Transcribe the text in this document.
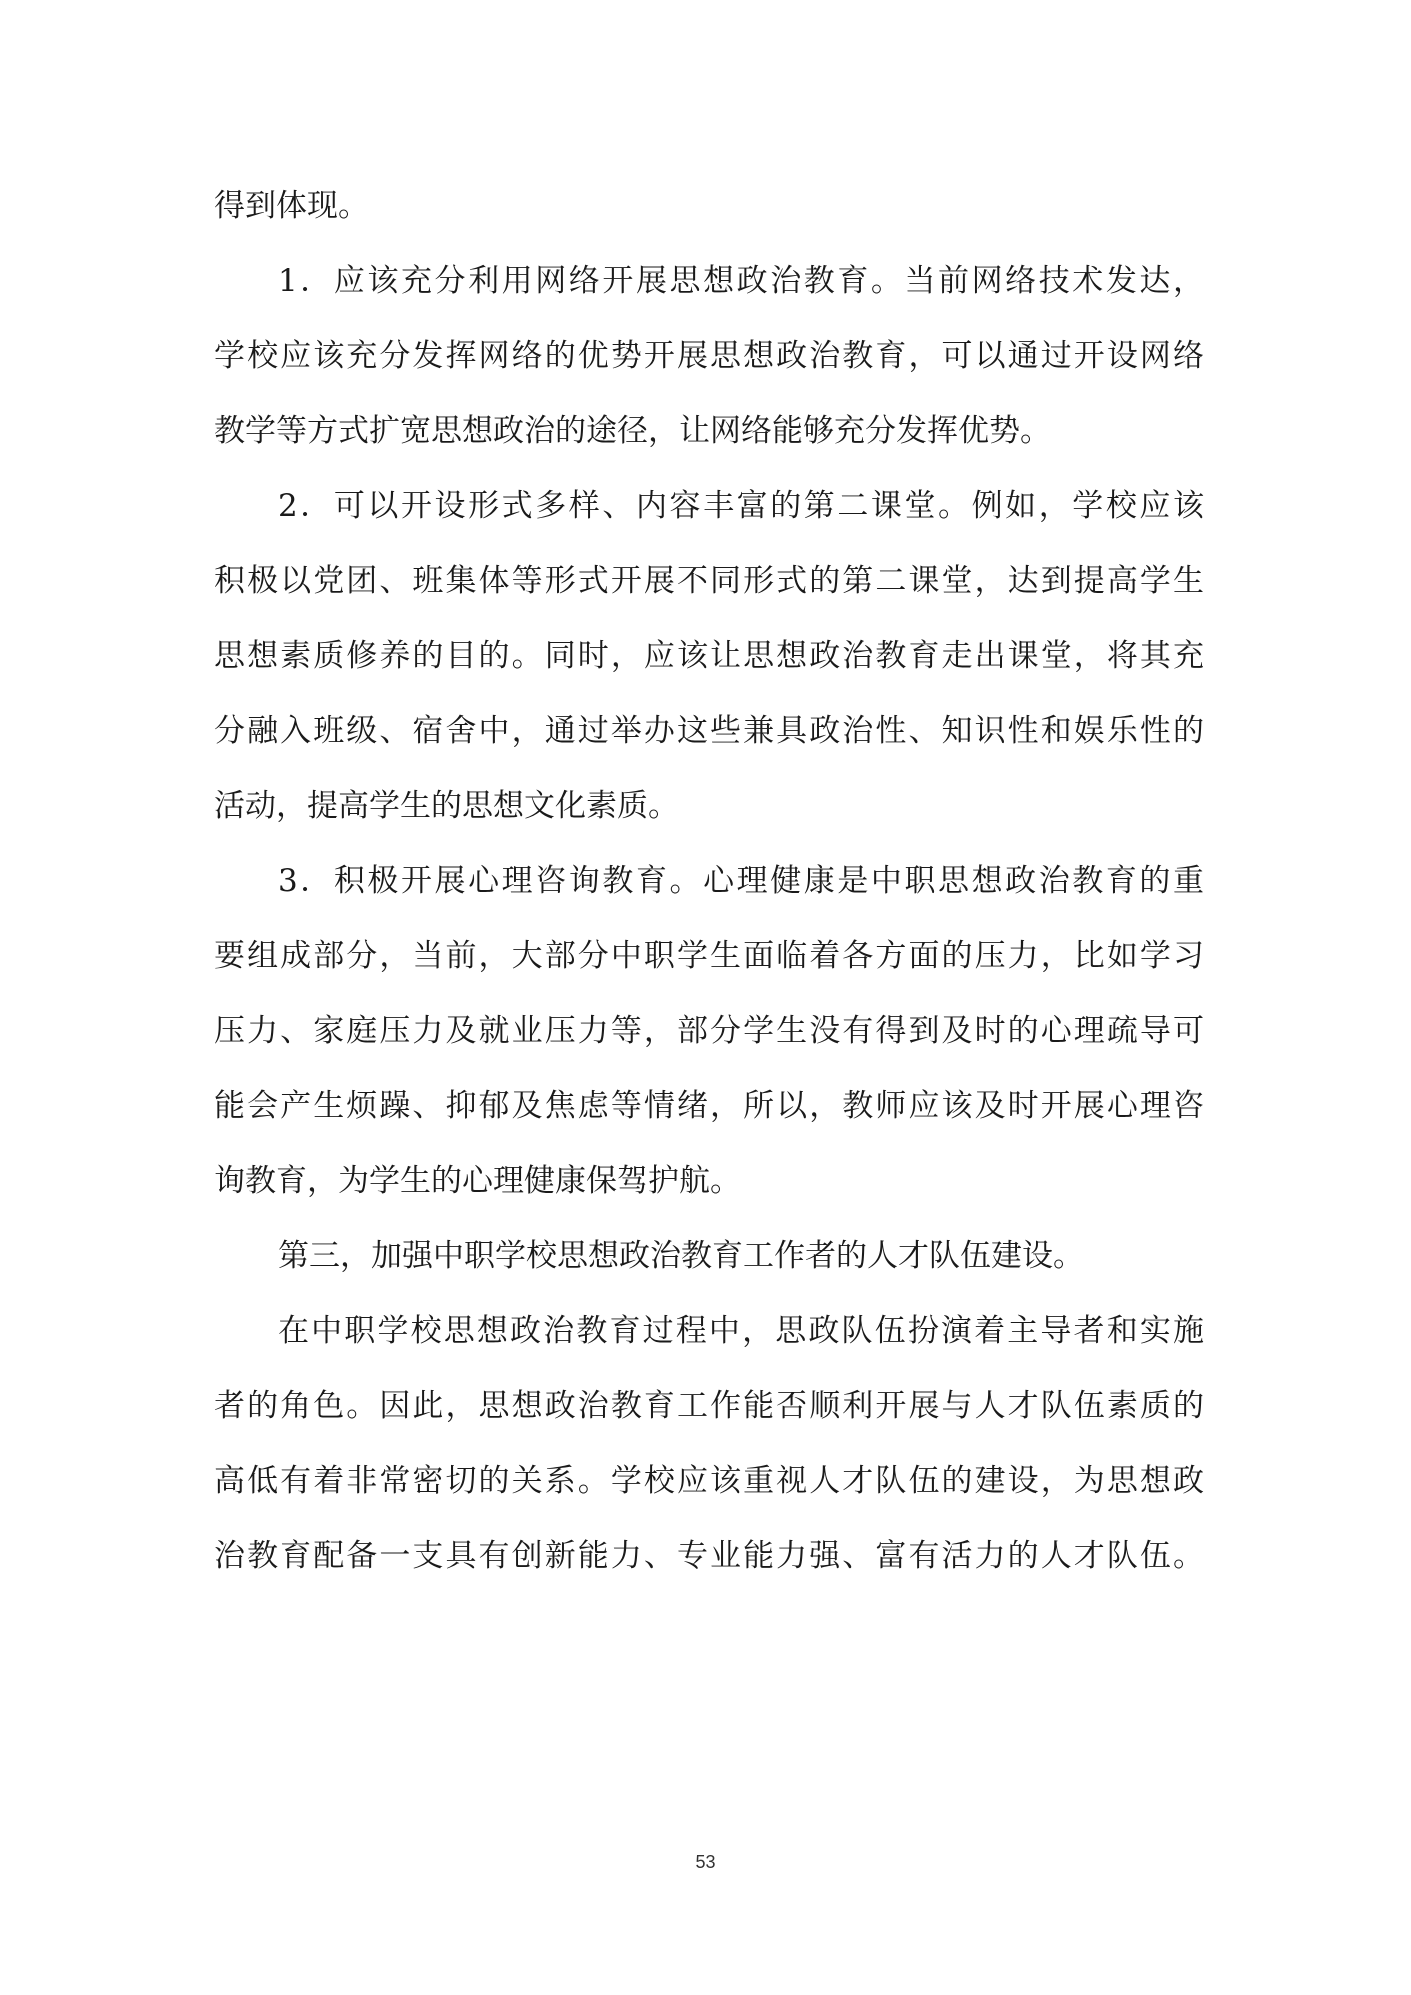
得到体现。

1．应该充分利用网络开展思想政治教育。当前网络技术发达，

学校应该充分发挥网络的优势开展思想政治教育，可以通过开设网络

教学等方式扩宽思想政治的途径，让网络能够充分发挥优势。

2．可以开设形式多样、内容丰富的第二课堂。例如，学校应该

积极以党团、班集体等形式开展不同形式的第二课堂，达到提高学生

思想素质修养的目的。同时，应该让思想政治教育走出课堂，将其充

分融入班级、宿舍中，通过举办这些兼具政治性、知识性和娱乐性的

活动，提高学生的思想文化素质。

3．积极开展心理咨询教育。心理健康是中职思想政治教育的重

要组成部分，当前，大部分中职学生面临着各方面的压力，比如学习

压力、家庭压力及就业压力等，部分学生没有得到及时的心理疏导可

能会产生烦躁、抑郁及焦虑等情绪，所以，教师应该及时开展心理咨

询教育，为学生的心理健康保驾护航。

第三，加强中职学校思想政治教育工作者的人才队伍建设。

在中职学校思想政治教育过程中，思政队伍扮演着主导者和实施

者的角色。因此，思想政治教育工作能否顺利开展与人才队伍素质的

高低有着非常密切的关系。学校应该重视人才队伍的建设，为思想政

治教育配备一支具有创新能力、专业能力强、富有活力的人才队伍。

53
